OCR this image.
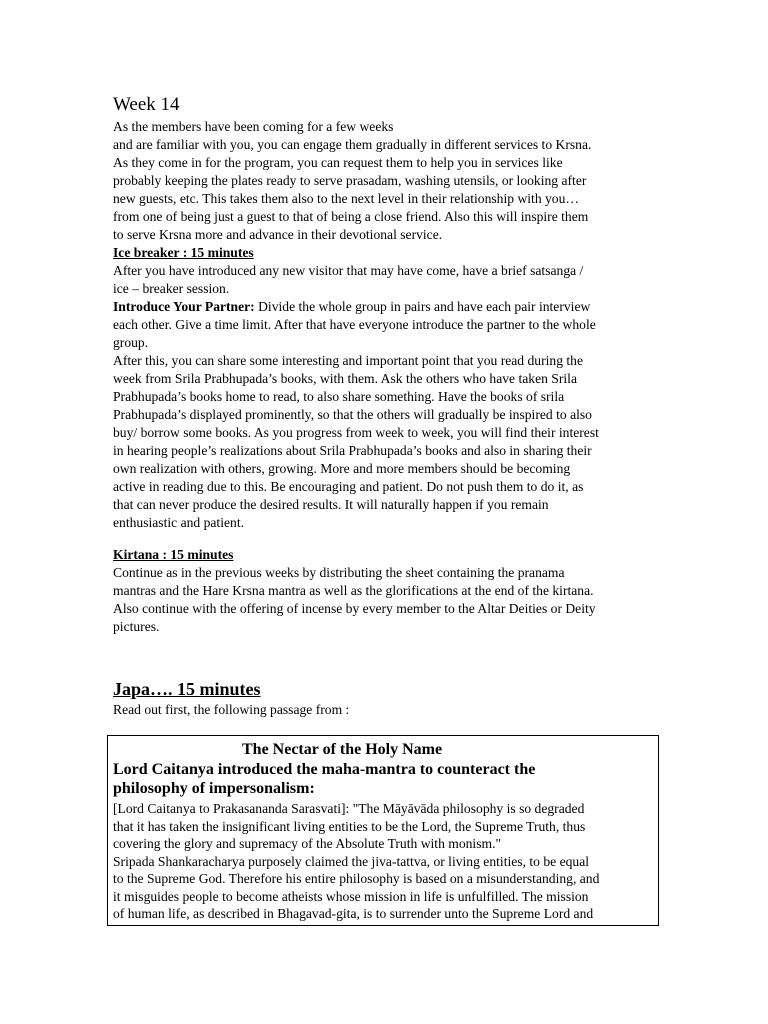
Week 14
As the members have been coming for a few weeks
and are familiar with you, you can engage them gradually in different services to Krsna.
As they come in for the program, you can request them to help you in services like
probably keeping the plates ready to serve prasadam, washing utensils, or looking after
new guests, etc. This takes them also to the next level in their relationship with you…
from one of being just a guest to that of being a close friend. Also this will inspire them
to serve Krsna more and advance in their devotional service.
Ice breaker : 15 minutes
After you have introduced any new visitor that may have come, have a brief satsanga /
ice – breaker session.
Introduce Your Partner: Divide the whole group in pairs and have each pair interview
each other. Give a time limit. After that have everyone introduce the partner to the whole
group.
After this, you can share some interesting and important point that you read during the
week from Srila Prabhupada’s books, with them. Ask the others who have taken Srila
Prabhupada’s books home to read, to also share something. Have the books of srila
Prabhupada’s displayed prominently, so that the others will gradually be inspired to also
buy/ borrow some books. As you progress from week to week, you will find their interest
in hearing people’s realizations about Srila Prabhupada’s books and also in sharing their
own realization with others, growing. More and more members should be becoming
active in reading due to this. Be encouraging and patient. Do not push them to do it, as
that can never produce the desired results. It will naturally happen if you remain
enthusiastic and patient.
Kirtana : 15 minutes
Continue as in the previous weeks by distributing the sheet containing the pranama
mantras and the Hare Krsna mantra as well as the glorifications at the end of the kirtana.
Also continue with the offering of incense by every member to the Altar Deities or Deity
pictures.
Japa…. 15 minutes
Read out first, the following passage from :
The Nectar of the Holy Name
Lord Caitanya introduced the maha-mantra to counteract the
philosophy of impersonalism:
[Lord Caitanya to Prakasananda Sarasvati]: "The Māyāvāda philosophy is so degraded
that it has taken the insignificant living entities to be the Lord, the Supreme Truth, thus
covering the glory and supremacy of the Absolute Truth with monism."
Sripada Shankaracharya purposely claimed the jiva-tattva, or living entities, to be equal
to the Supreme God. Therefore his entire philosophy is based on a misunderstanding, and
it misguides people to become atheists whose mission in life is unfulfilled. The mission
of human life, as described in Bhagavad-gita, is to surrender unto the Supreme Lord and
